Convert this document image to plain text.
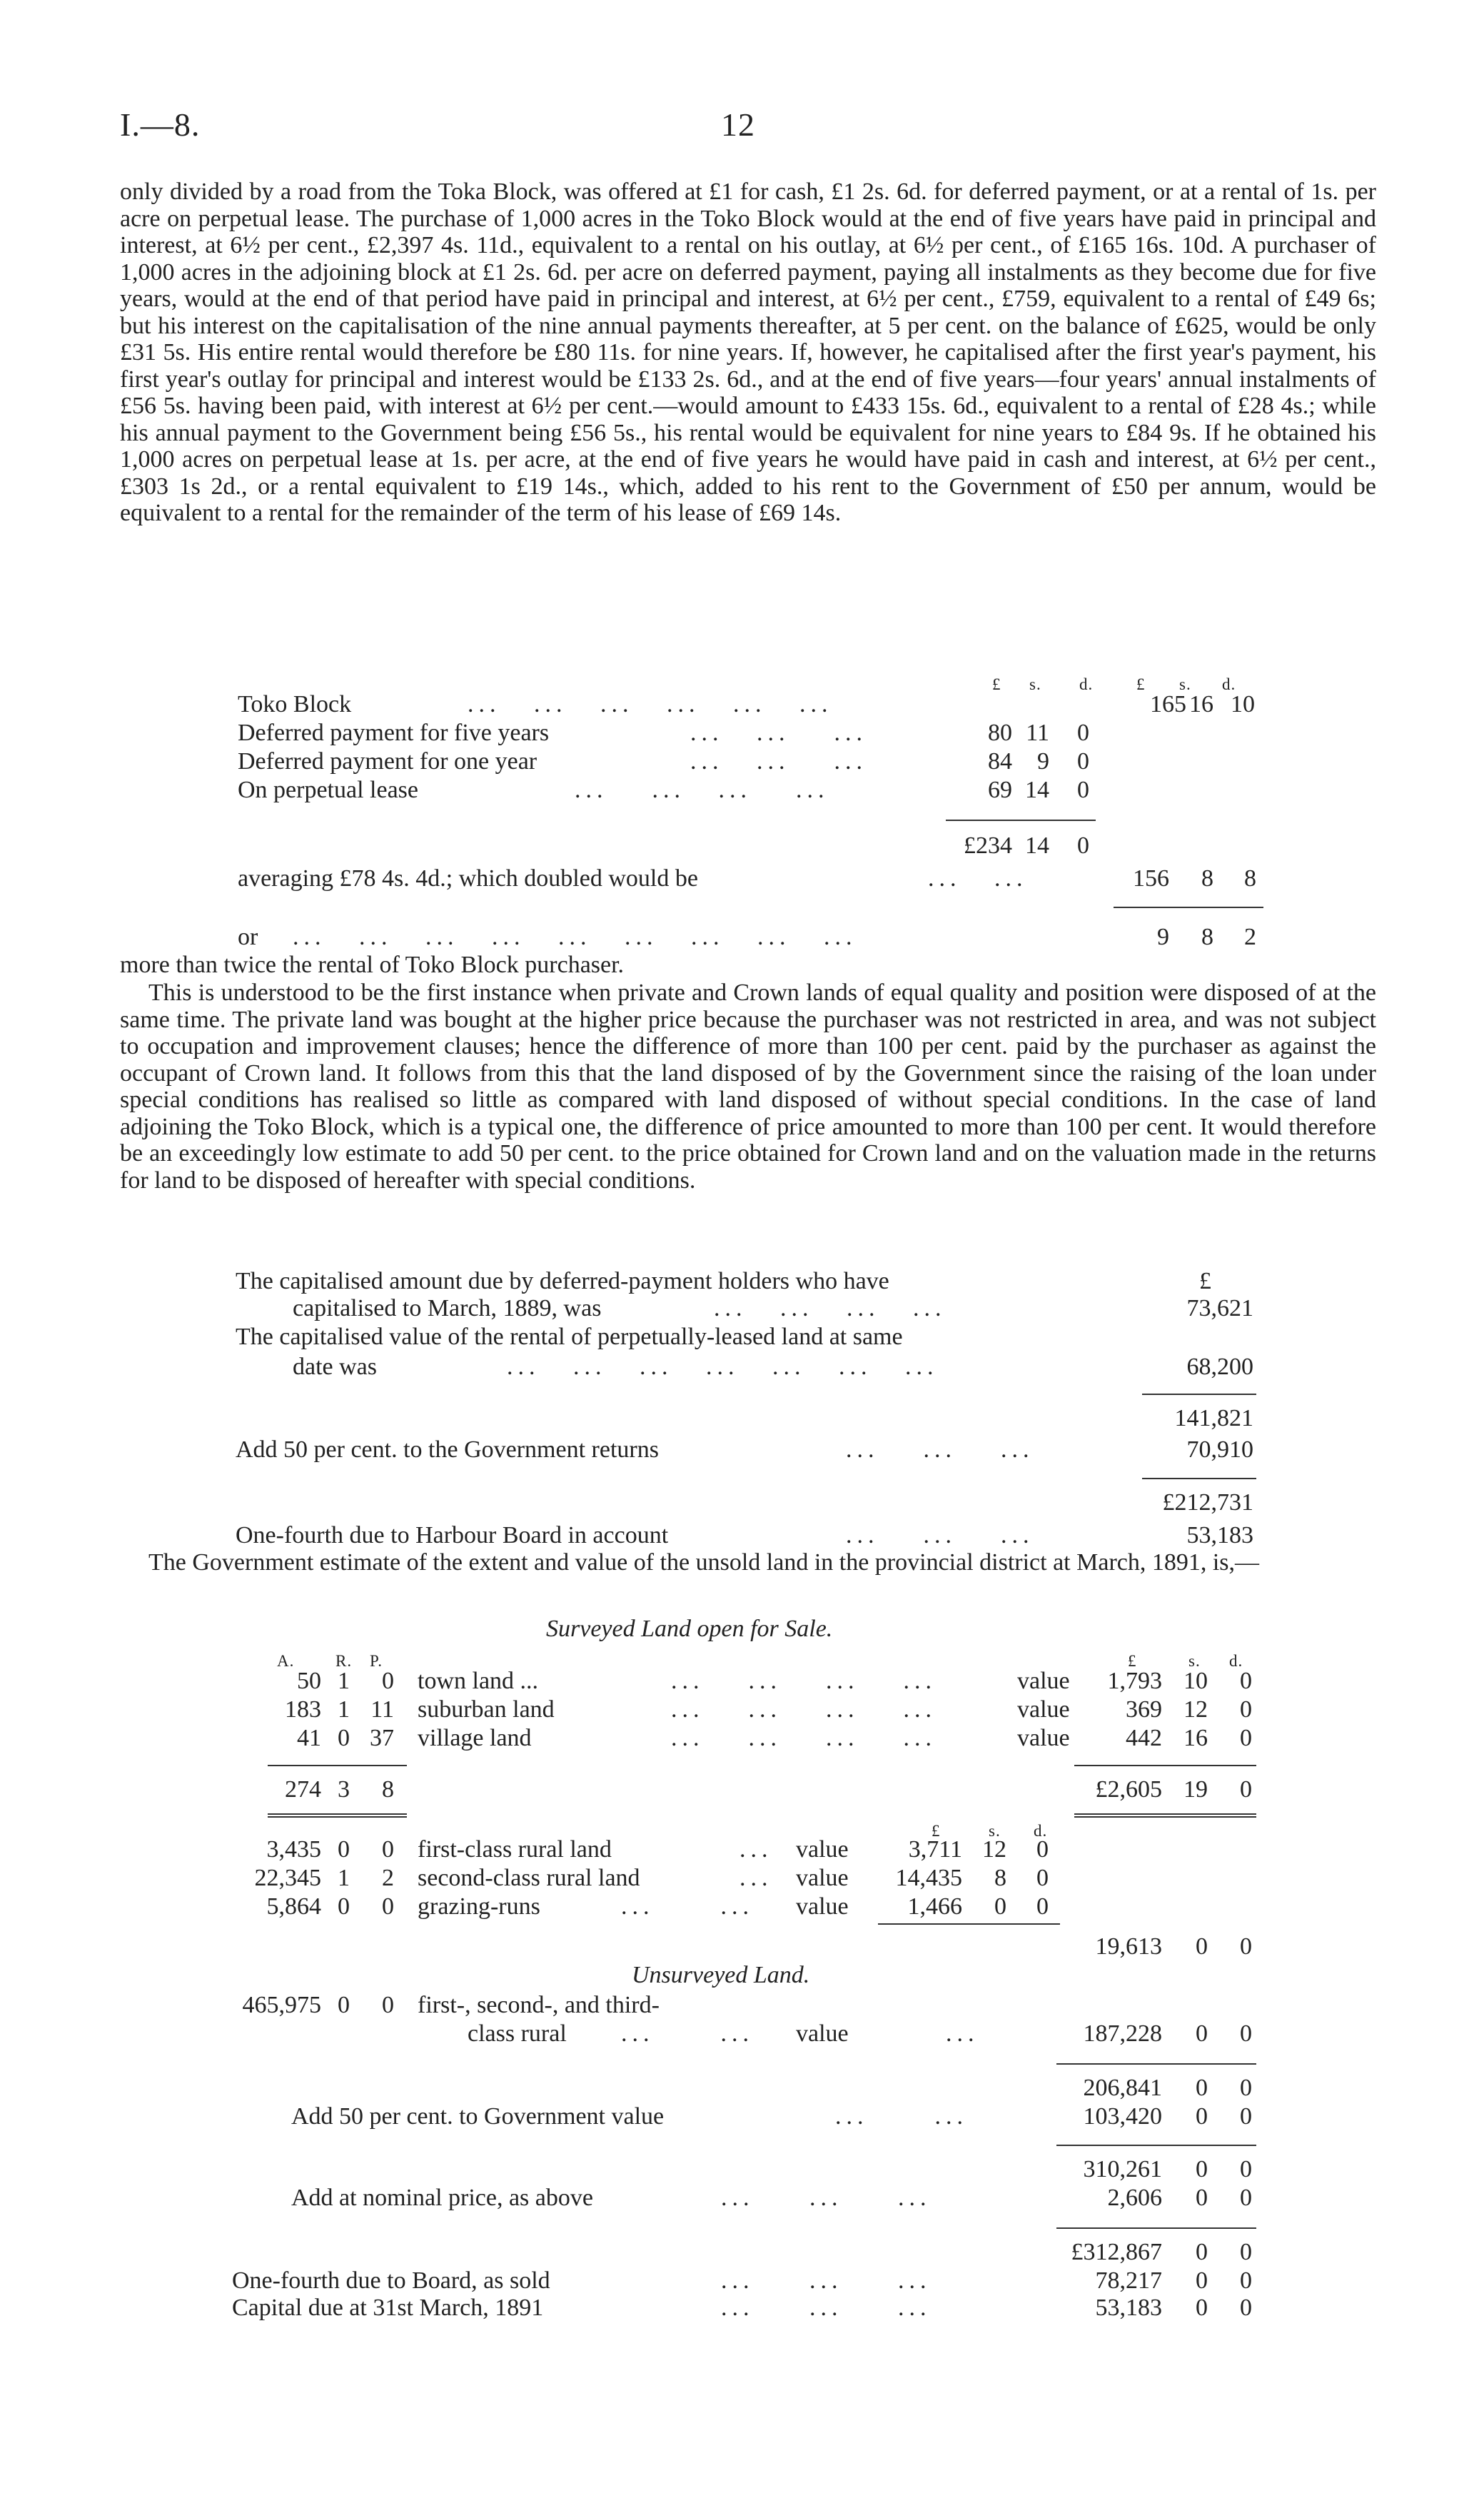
I.—8.	12

only divided by a road from the Toka Block, was offered at £1 for cash, £1 2s. 6d. for deferred payment, or at a rental of 1s. per acre on perpetual lease. The purchase of 1,000 acres in the Toko Block would at the end of five years have paid in principal and interest, at 6½ per cent., £2,397 4s. 11d., equivalent to a rental on his outlay, at 6½ per cent., of £165 16s. 10d. A purchaser of 1,000 acres in the adjoining block at £1 2s. 6d. per acre on deferred payment, paying all instalments as they become due for five years, would at the end of that period have paid in principal and interest, at 6½ per cent., £759, equivalent to a rental of £49 6s; but his interest on the capitalisation of the nine annual payments thereafter, at 5 per cent. on the balance of £625, would be only £31 5s. His entire rental would therefore be £80 11s. for nine years. If, however, he capitalised after the first year's payment, his first year's outlay for principal and interest would be £133 2s. 6d., and at the end of five years—four years' annual instalments of £56 5s. having been paid, with interest at 6½ per cent.—would amount to £433 15s. 6d., equivalent to a rental of £28 4s.; while his annual payment to the Government being £56 5s., his rental would be equivalent for nine years to £84 9s. If he obtained his 1,000 acres on perpetual lease at 1s. per acre, at the end of five years he would have paid in cash and interest, at 6½ per cent., £303 1s 2d., or a rental equivalent to £19 14s., which, added to his rent to the Government of £50 per annum, would be equivalent to a rental for the remainder of the term of his lease of £69 14s.

£ s. d.	£ s. d.
Toko Block	...   ...   ...   ...   ...   ...	165 16 10
Deferred payment for five years	...   ...    ...	80 11	0
Deferred payment for one year	...   ...    ...	84	9	0
On perpetual lease	...    ...   ...    ...	69 14	0
£234 14	0
averaging £78 4s. 4d.; which doubled would be	...   ...	156	8	8
or ...   ...   ...   ...   ...   ...   ...   ...   ...	9	8	2
more than twice the rental of Toko Block purchaser.

This is understood to be the first instance when private and Crown lands of equal quality and position were disposed of at the same time. The private land was bought at the higher price because the purchaser was not restricted in area, and was not subject to occupation and improvement clauses; hence the difference of more than 100 per cent. paid by the purchaser as against the occupant of Crown land. It follows from this that the land disposed of by the Government since the raising of the loan under special conditions has realised so little as compared with land disposed of without special conditions. In the case of land adjoining the Toko Block, which is a typical one, the difference of price amounted to more than 100 per cent. It would therefore be an exceedingly low estimate to add 50 per cent. to the price obtained for Crown land and on the valuation made in the returns for land to be disposed of hereafter with special conditions.

£
The capitalised amount due by deferred-payment holders who have
capitalised to March, 1889, was	...   ...   ...   ...	73,621
The capitalised value of the rental of perpetually-leased land at same
date was	...   ...   ...   ...   ...   ...   ...	68,200
141,821
Add 50 per cent. to the Government returns	...    ...    ...	70,910
£212,731
One-fourth due to Harbour Board in account	...    ...    ...	53,183

The Government estimate of the extent and value of the unsold land in the provincial district at March, 1891, is,—

Surveyed Land open for Sale.
A.	R. P.	£	s. d.
50 1	0 town land ...	...    ...    ...    ...	value	1,793 10	0
183 1 11 suburban land	...    ...    ...    ...	value	369 12	0
41 0 37 village land	...    ...    ...    ...	value	442 16	0
274 3	8	£2,605 19	0
£	s. d.
3,435 0	0 first-class rural land	... value	3,711 12	0
22,345 1	2 second-class rural land	... value	14,435	8	0
5,864 0	0 grazing-runs	...      ... value	1,466	0	0
19,613	0	0
Unsurveyed Land.
465,975 0	0 first-, second-, and third-
class rural ...      ... value	...	187,228	0	0
206,841	0	0
Add 50 per cent. to Government value	...      ...	103,420	0	0
310,261	0	0
Add at nominal price, as above	...     ...     ...	2,606	0	0
£312,867	0	0
One-fourth due to Board, as sold	...     ...     ...	78,217	0	0
Capital due at 31st March, 1891	...     ...     ...	53,183	0	0
